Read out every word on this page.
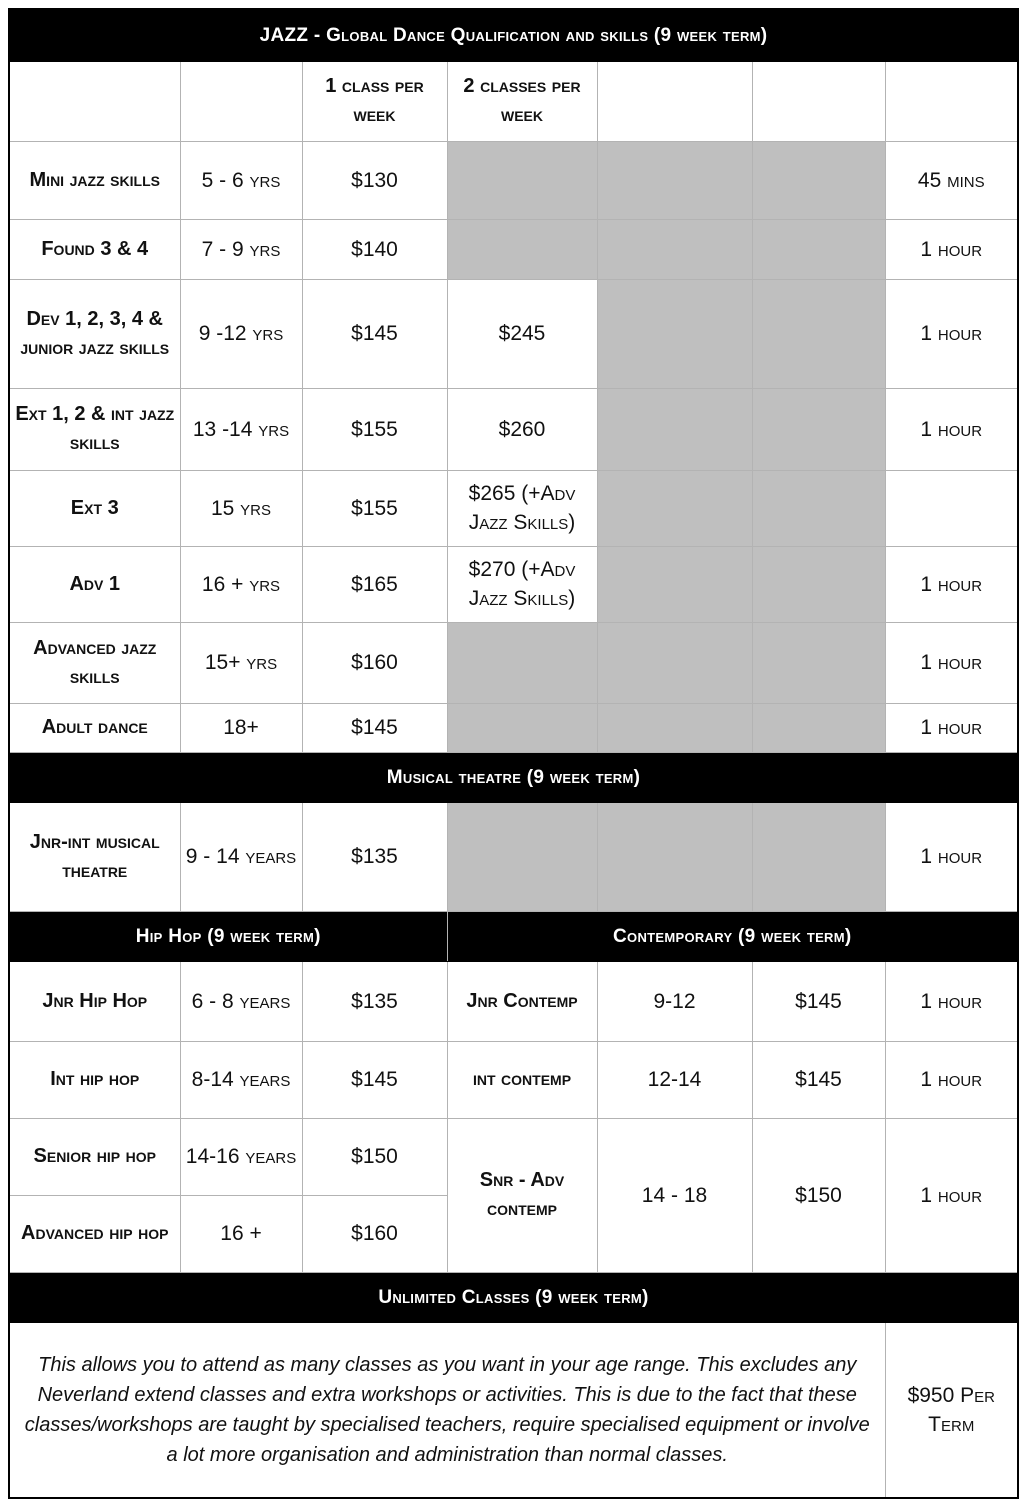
JAZZ - Global Dance Qualification and skills (9 week term)						
		1 class per week	2 classes per week			
Mini jazz skills	5 - 6 yrs	$130				45 mins
Found 3 & 4	7 - 9 yrs	$140				1 hour
Dev 1, 2, 3, 4 & junior jazz skills	9 -12 yrs	$145	$245			1 hour
Ext 1, 2 & int jazz skills	13 -14 yrs	$155	$260			1 hour
Ext 3	15 yrs	$155	$265 (+Adv Jazz Skills)			
Adv 1	16 + yrs	$165	$270 (+Adv Jazz Skills)			1 hour
Advanced jazz skills	15+ yrs	$160				1 hour
Adult dance	18+	$145				1 hour
Musical theatre (9 week term)						
Jnr-int musical theatre	9 - 14 years	$135				1 hour
Hip Hop (9 week term)			Contemporary (9 week term)			
Jnr Hip Hop	6 - 8 years	$135	Jnr Contemp	9-12	$145	1 hour
Int hip hop	8-14 years	$145	int contemp	12-14	$145	1 hour
Senior hip hop	14-16 years	$150	Snr - Adv contemp	14 - 18	$150	1 hour
Advanced hip hop	16 +	$160				
Unlimited Classes (9 week term)						
This allows you to attend as many classes as you want in your age range. This excludes any Neverland extend classes and extra workshops or activities. This is due to the fact that these classes/workshops are taught by specialised teachers, require specialised equipment or involve a lot more organisation and administration than normal classes.						$950 Per Term
